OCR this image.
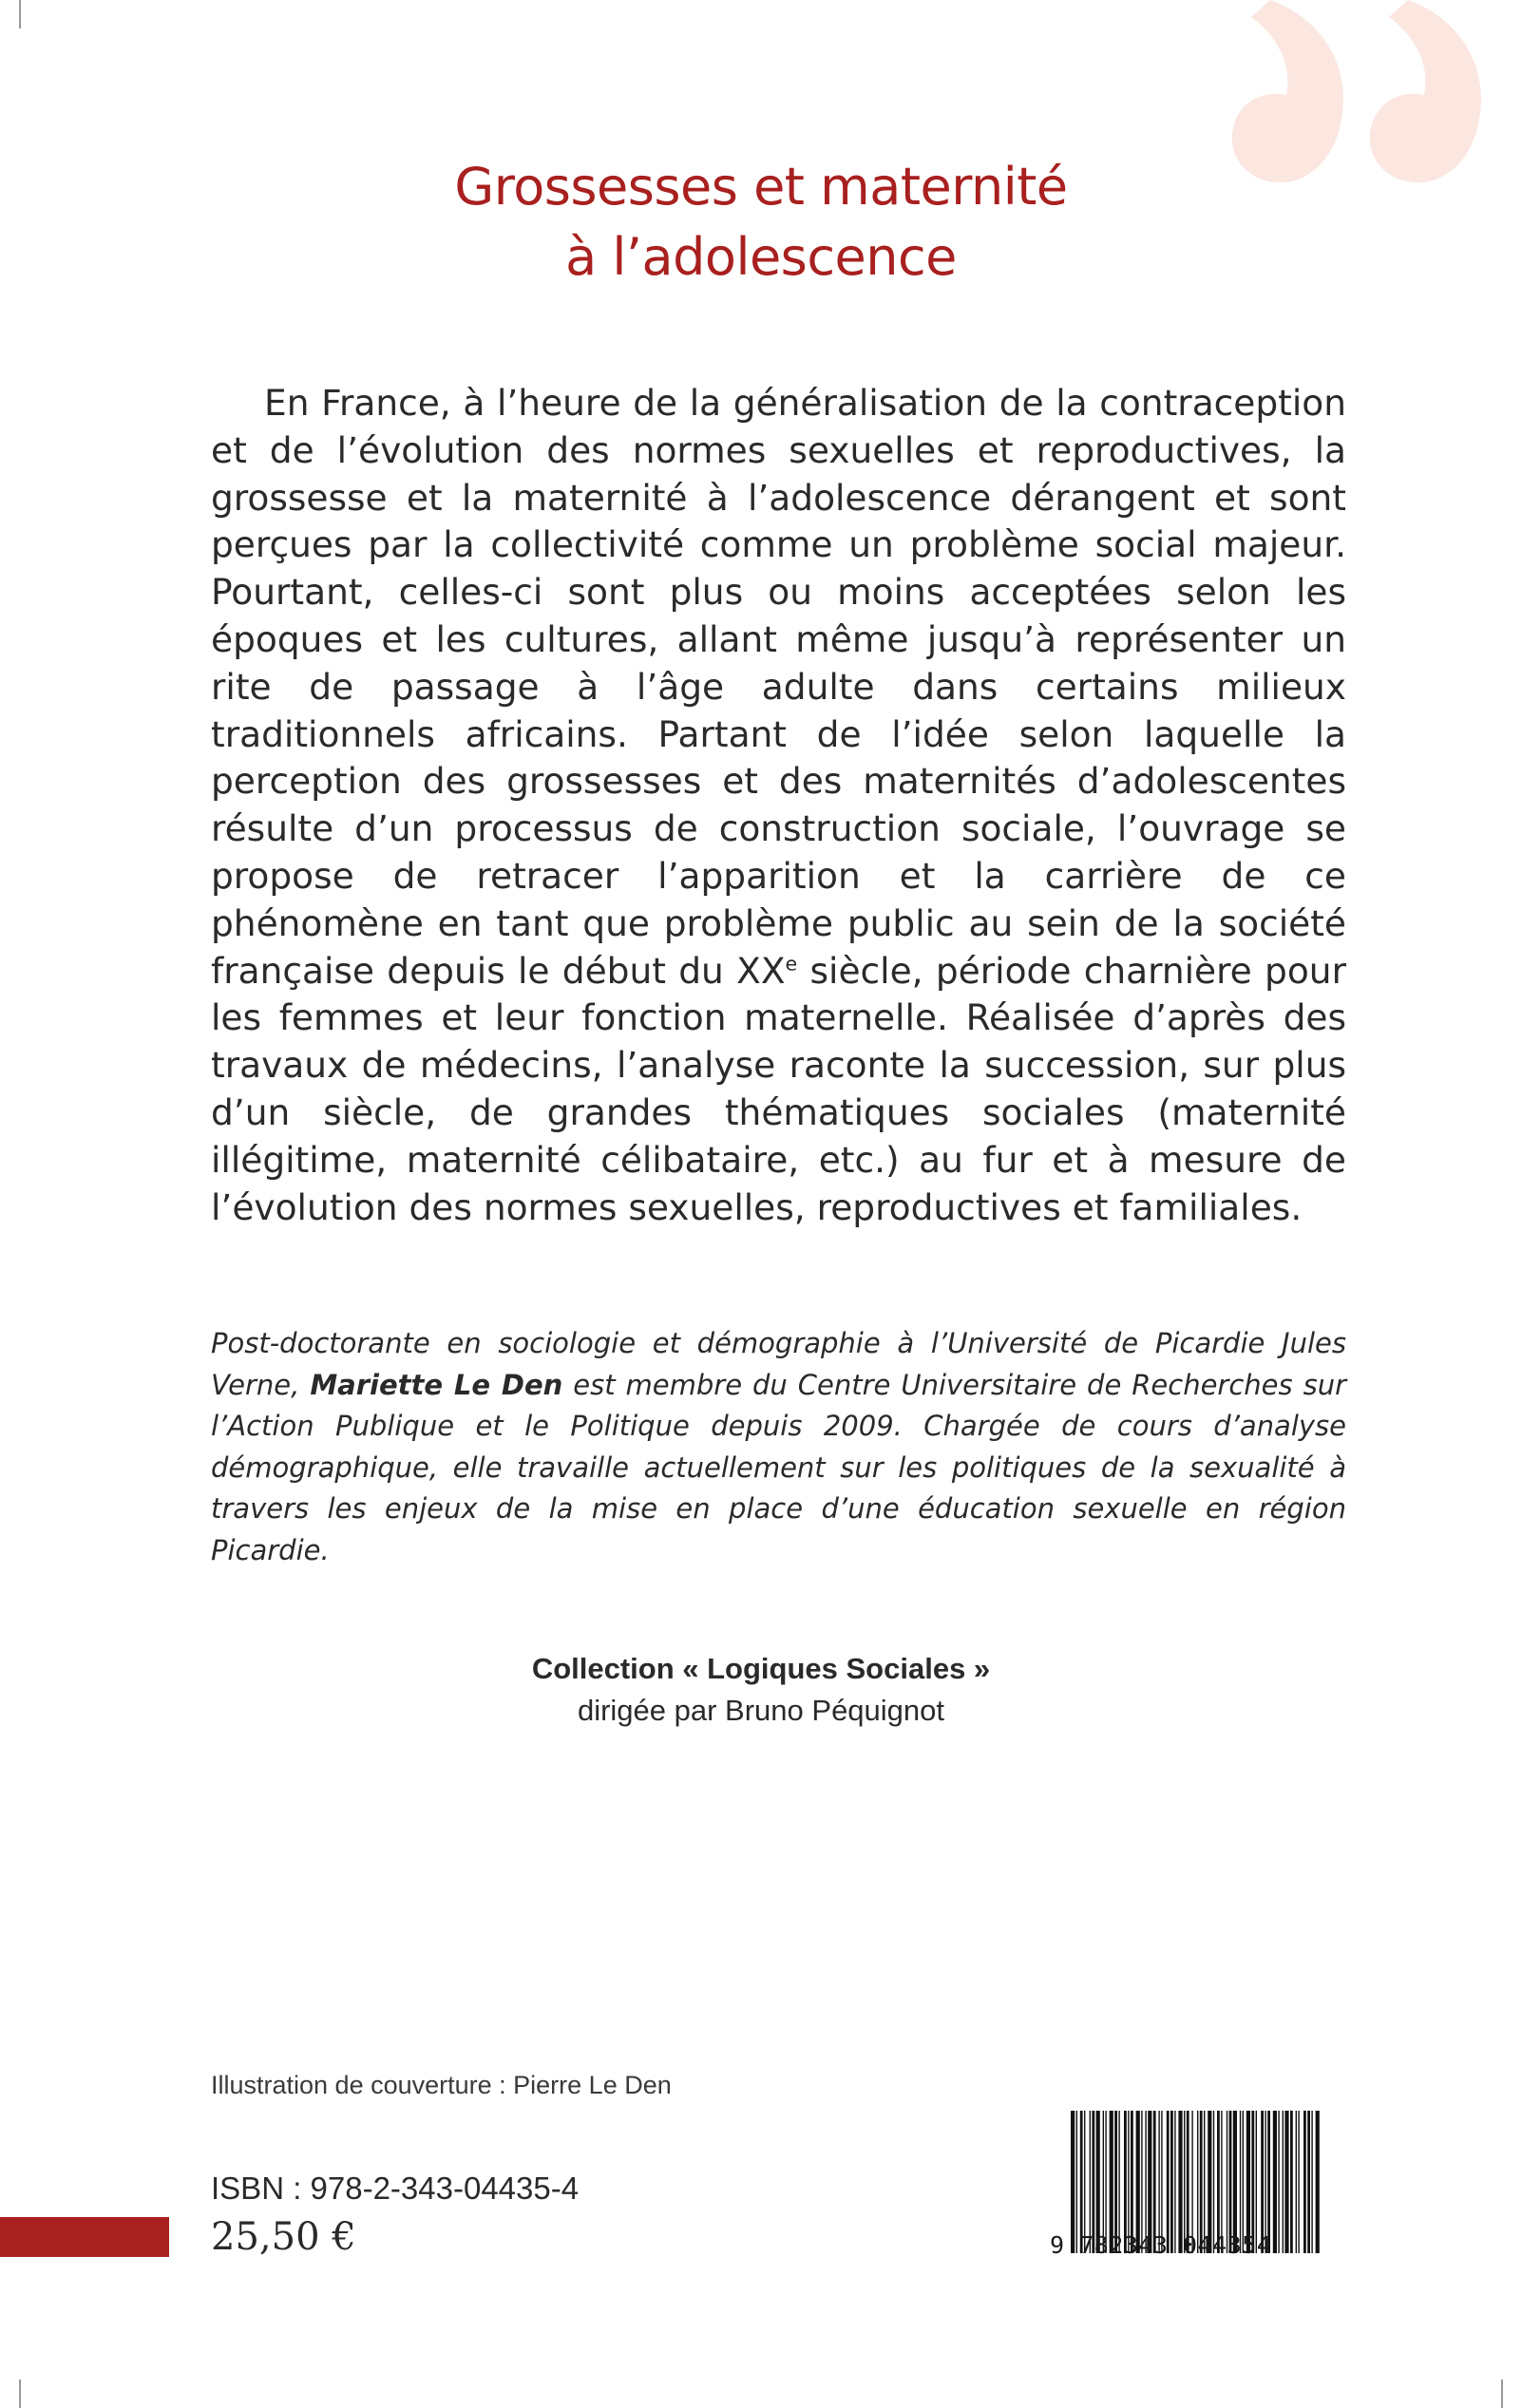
Grossesses et maternité
à l’adolescence

En France, à l’heure de la généralisation de la contraception et de l’évolution des normes sexuelles et reproductives, la grossesse et la maternité à l’adolescence dérangent et sont perçues par la collectivité comme un problème social majeur. Pourtant, celles-ci sont plus ou moins acceptées selon les époques et les cultures, allant même jusqu’à représenter un rite de passage à l’âge adulte dans certains milieux traditionnels africains. Partant de l’idée selon laquelle la perception des grossesses et des maternités d’adolescentes résulte d’un processus de construction sociale, l’ouvrage se propose de retracer l’apparition et la carrière de ce phénomène en tant que problème public au sein de la société française depuis le début du XXe siècle, période charnière pour les femmes et leur fonction maternelle. Réalisée d’après des travaux de médecins, l’analyse raconte la succession, sur plus d’un siècle, de grandes thématiques sociales (maternité illégitime, maternité célibataire, etc.) au fur et à mesure de l’évolution des normes sexuelles, reproductives et familiales.

Post-doctorante en sociologie et démographie à l’Université de Picardie Jules Verne, Mariette Le Den est membre du Centre Universitaire de Recherches sur l’Action Publique et le Politique depuis 2009. Chargée de cours d’analyse démographique, elle travaille actuellement sur les politiques de la sexualité à travers les enjeux de la mise en place d’une éducation sexuelle en région Picardie.
Collection « Logiques Sociales »
dirigée par Bruno Péquignot
Illustration de couverture : Pierre Le Den
ISBN : 978-2-343-04435-4
25,50 €	9 782343 044354
